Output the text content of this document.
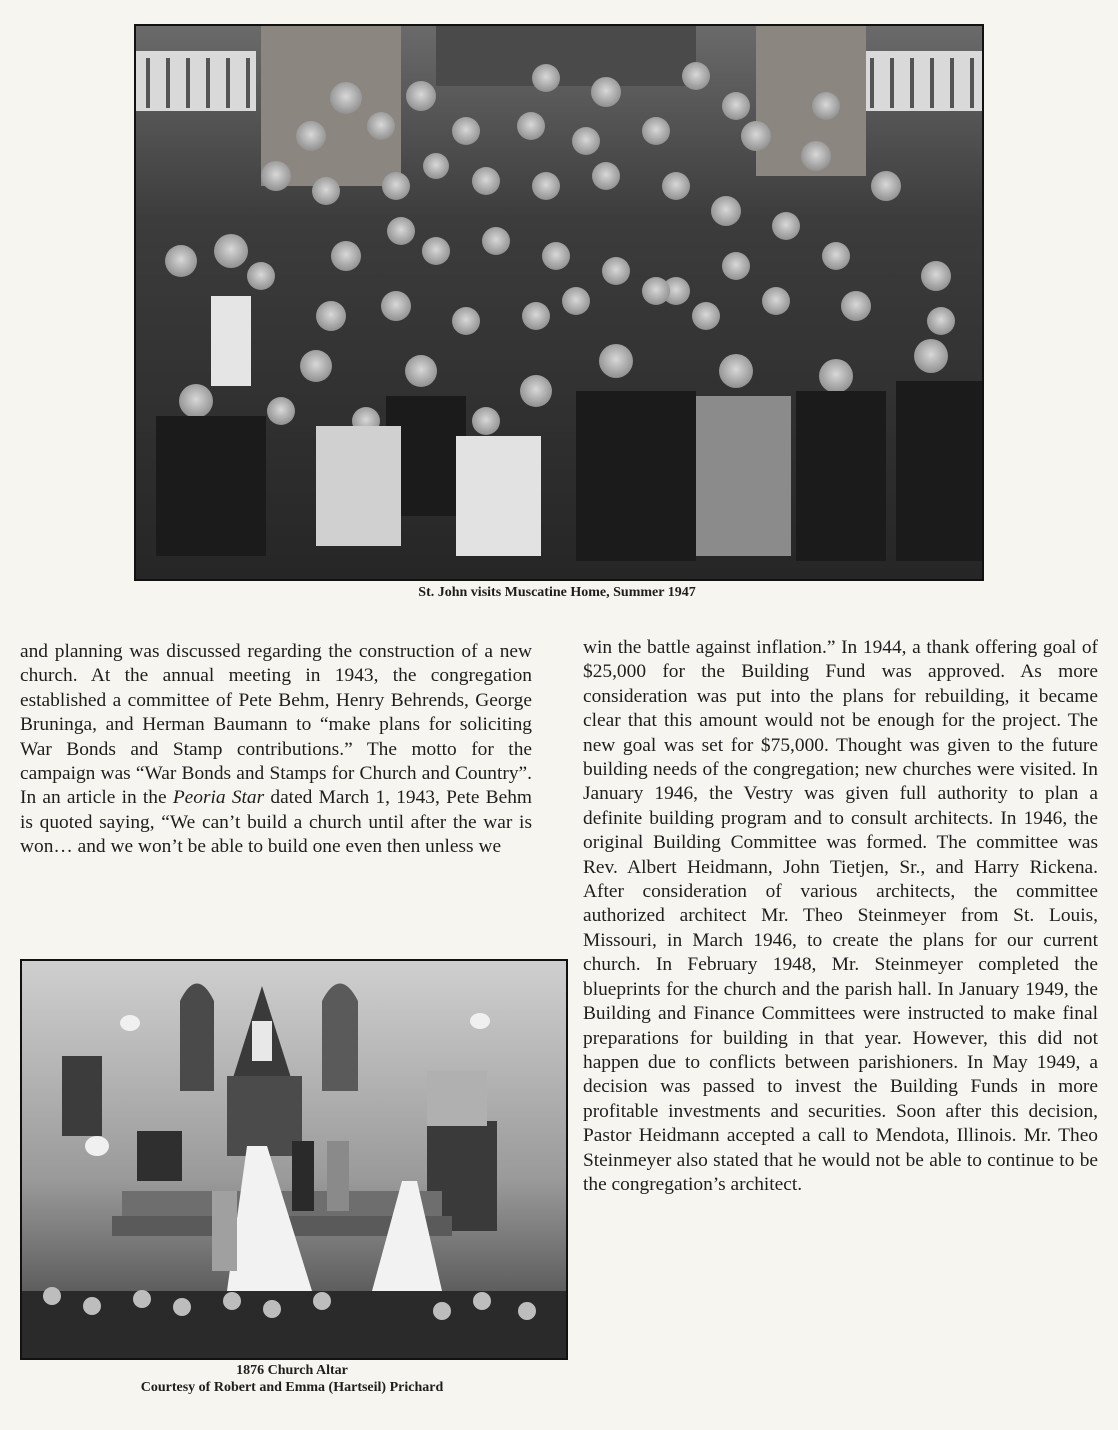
St. John visits Muscatine Home, Summer 1947

and planning was discussed regarding the construction of a new church. At the annual meeting in 1943, the congregation established a committee of Pete Behm, Henry Behrends, George Bruninga, and Herman Baumann to “make plans for soliciting War Bonds and Stamp contributions.” The motto for the campaign was “War Bonds and Stamps for Church and Country”. In an article in the Peoria Star dated March 1, 1943, Pete Behm is quoted saying, “We can’t build a church until after the war is won… and we won’t be able to build one even then unless we

1876 Church Altar
Courtesy of Robert and Emma (Hartseil) Prichard

win the battle against inflation.” In 1944, a thank offering goal of $25,000 for the Building Fund was approved. As more consideration was put into the plans for rebuilding, it became clear that this amount would not be enough for the project. The new goal was set for $75,000. Thought was given to the future building needs of the congregation; new churches were visited. In January 1946, the Vestry was given full authority to plan a definite building program and to consult architects. In 1946, the original Building Committee was formed. The committee was Rev. Albert Heidmann, John Tietjen, Sr., and Harry Rickena. After consideration of various architects, the committee authorized architect Mr. Theo Steinmeyer from St. Louis, Missouri, in March 1946, to create the plans for our current church. In February 1948, Mr. Steinmeyer completed the blueprints for the church and the parish hall. In January 1949, the Building and Finance Committees were instructed to make final preparations for building in that year. However, this did not happen due to conflicts between parishioners. In May 1949, a decision was passed to invest the Building Funds in more profitable investments and securities. Soon after this decision, Pastor Heidmann accepted a call to Mendota, Illinois. Mr. Theo Steinmeyer also stated that he would not be able to continue to be the congregation’s architect.
